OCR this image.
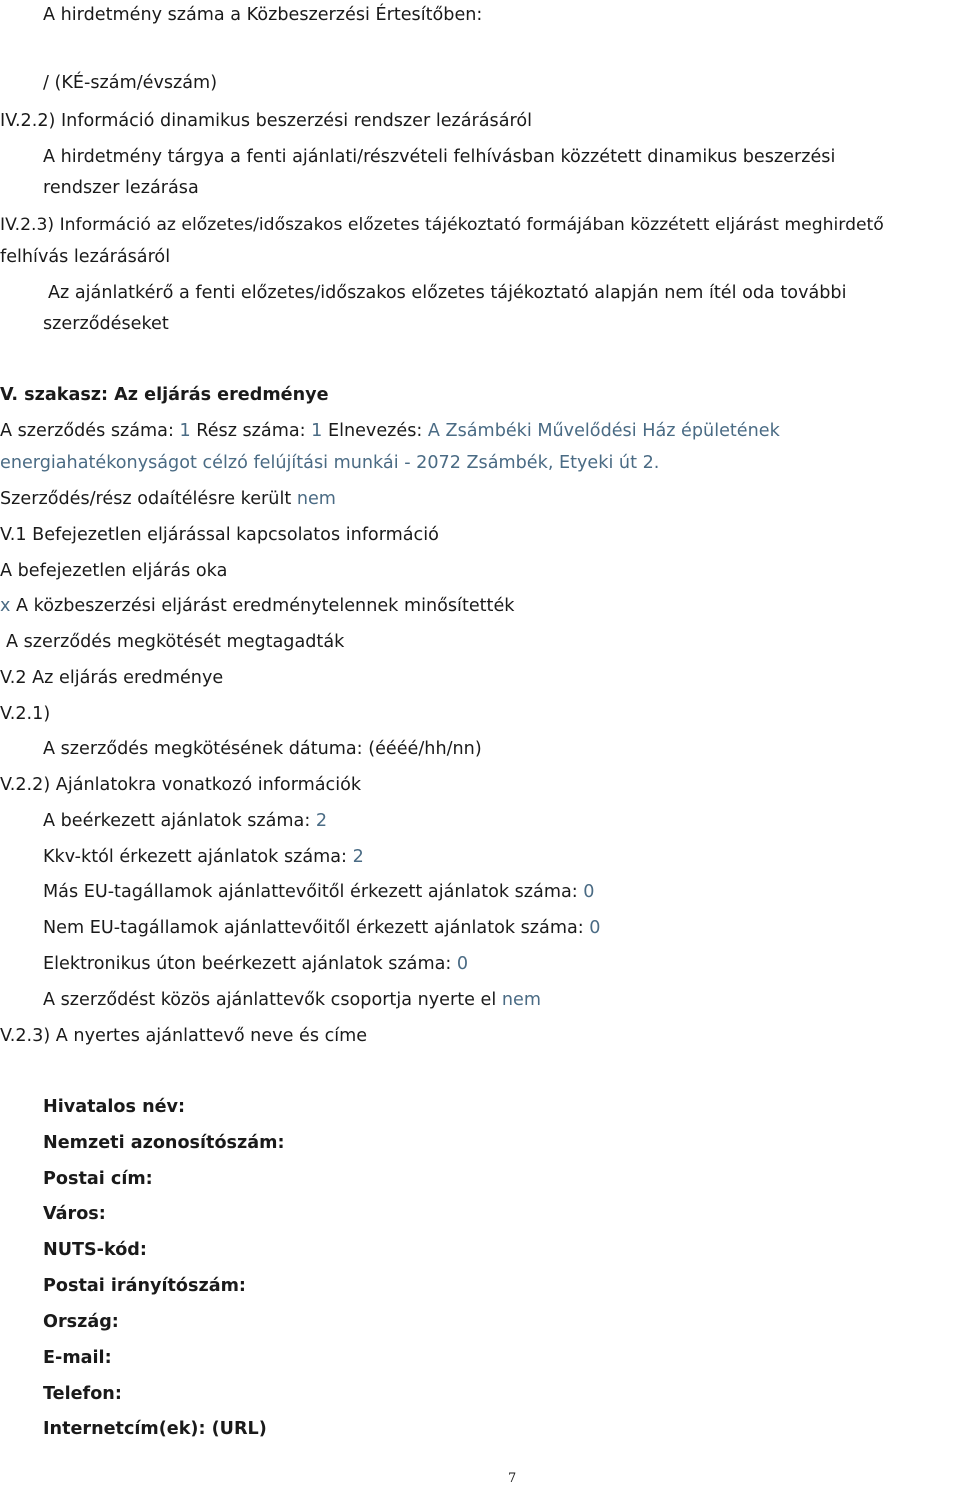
A hirdetmény száma a Közbeszerzési Értesítőben:
/ (KÉ-szám/évszám)
IV.2.2) Információ dinamikus beszerzési rendszer lezárásáról
A hirdetmény tárgya a fenti ajánlati/részvételi felhívásban közzétett dinamikus beszerzési
rendszer lezárása
IV.2.3) Információ az előzetes/időszakos előzetes tájékoztató formájában közzétett eljárást meghirdető
felhívás lezárásáról
Az ajánlatkérő a fenti előzetes/időszakos előzetes tájékoztató alapján nem ítél oda további
szerződéseket
V. szakasz: Az eljárás eredménye
A szerződés száma: 1 Rész száma: 1 Elnevezés: A Zsámbéki Művelődési Ház épületének
energiahatékonyságot célzó felújítási munkái - 2072 Zsámbék, Etyeki út 2.
Szerződés/rész odaítélésre került nem
V.1 Befejezetlen eljárással kapcsolatos információ
A befejezetlen eljárás oka
x A közbeszerzési eljárást eredménytelennek minősítették
A szerződés megkötését megtagadták
V.2 Az eljárás eredménye
V.2.1)
A szerződés megkötésének dátuma: (éééé/hh/nn)
V.2.2) Ajánlatokra vonatkozó információk
A beérkezett ajánlatok száma: 2
Kkv-któl érkezett ajánlatok száma: 2
Más EU-tagállamok ajánlattevőitől érkezett ajánlatok száma: 0
Nem EU-tagállamok ajánlattevőitől érkezett ajánlatok száma: 0
Elektronikus úton beérkezett ajánlatok száma: 0
A szerződést közös ajánlattevők csoportja nyerte el nem
V.2.3) A nyertes ajánlattevő neve és címe
Hivatalos név:
Nemzeti azonosítószám:
Postai cím:
Város:
NUTS-kód:
Postai irányítószám:
Ország:
E-mail:
Telefon:
Internetcím(ek): (URL)
7
